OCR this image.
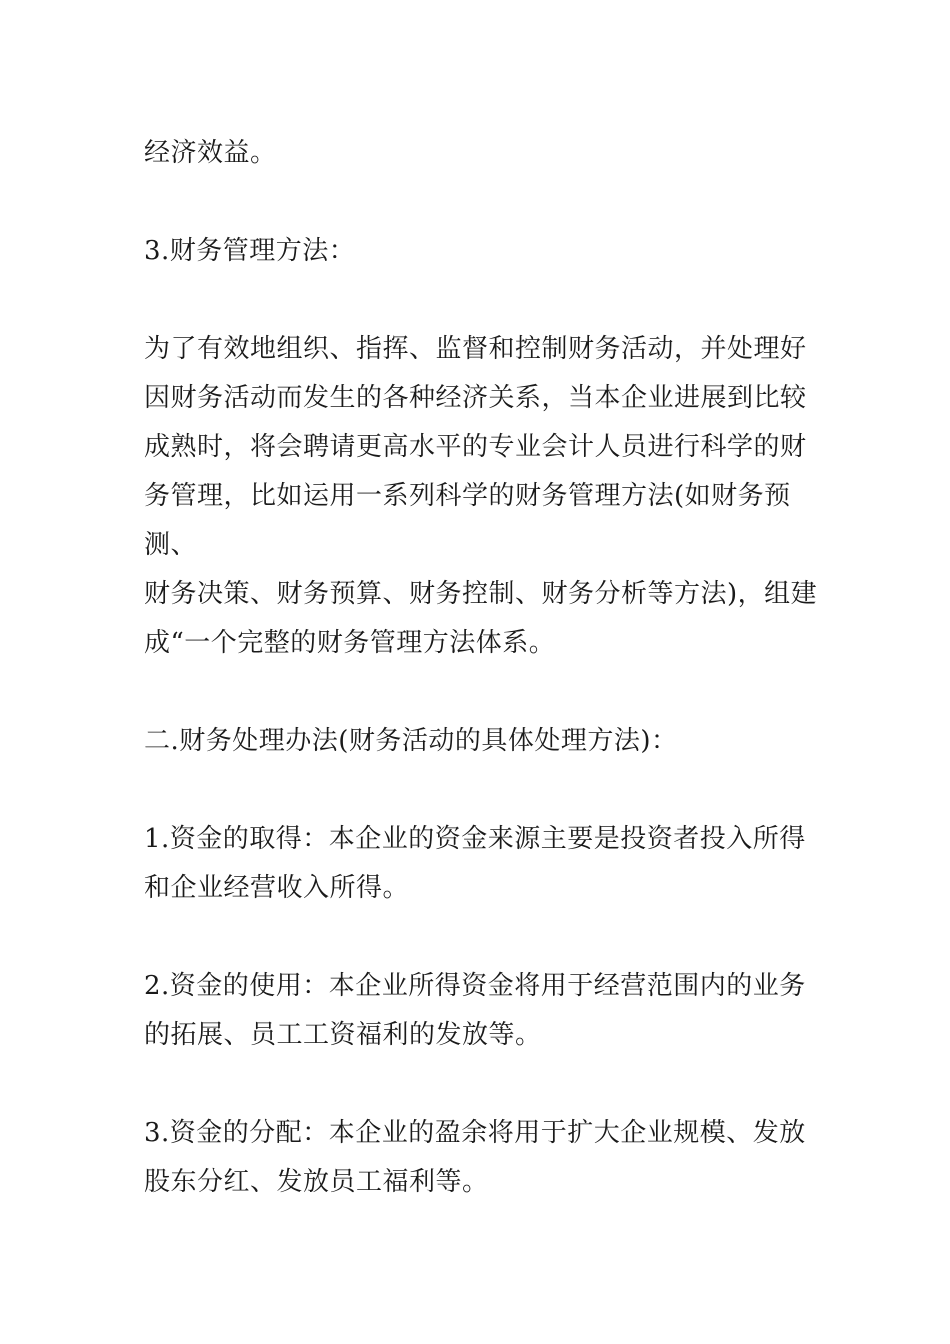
经济效益。

3.财务管理方法：

为了有效地组织、指挥、监督和控制财务活动，并处理好
因财务活动而发生的各种经济关系，当本企业进展到比较
成熟时，将会聘请更高水平的专业会计人员进行科学的财
务管理，比如运用一系列科学的财务管理方法(如财务预测、
财务决策、财务预算、财务控制、财务分析等方法)，组建
成“一个完整的财务管理方法体系。

二.财务处理办法(财务活动的具体处理方法)：

1.资金的取得：本企业的资金来源主要是投资者投入所得
和企业经营收入所得。

2.资金的使用：本企业所得资金将用于经营范围内的业务
的拓展、员工工资福利的发放等。

3.资金的分配：本企业的盈余将用于扩大企业规模、发放
股东分红、发放员工福利等。
